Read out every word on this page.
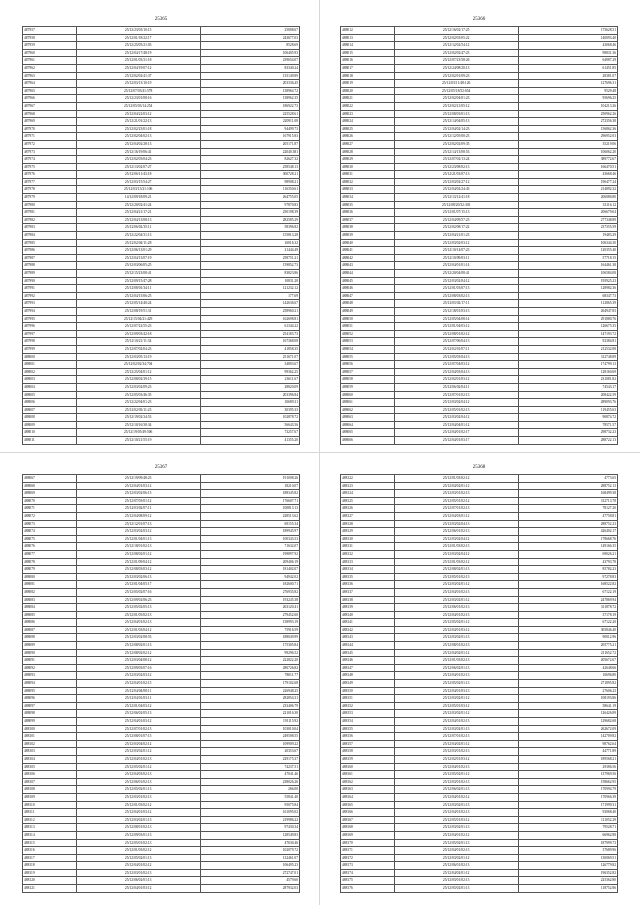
25365
487957	25/12/23/03/10:15	25808.67
487958	25/12/01/18/22:17	243677.03
487959	25/12/25/05/21:03	8528.69
487960	25/12/04/17/48:19	106405.93
487961	25/12/01/03/31:18	239654.07
487962	25/12/04/19/07:12	83340.24
487963	25/12/02/02/41:37	135149.89
487964	25/12/03/13/10:19	203336.45
487965	25/12/07/03/41:578	138964.72
487966	25/12/23/01/08:16	138962.35
487967	25/12/05/03/14:254	186922.73
487968	25/12/04/22/03:12	225528.61
487969	25/12/21/01/22:13	220911.08
487970	25/12/02/23/01:18	94499.73
487971	25/12/02/04/02:13	167915.83
487972	25/12/04/02/28:13	205171.87
487973	25/12/16/19/06:41	22040.381
487974	25/12/02/03/04:23	82627.32
487975	25/12/13/02/07:27	258548.13
487976	25/12/06/11/43:18	300728.21
487977	25/12/03/15/54:27	98908.21
487978	25/12/03/13/21:106	116350.61
487979	14/12/09/18/09:21	264755.05
487980	25/12/20/02/41:24	97870.83
487981	25/12/04/21/17:21	250198.39
487982	25/12/04/13/08:13	282585.29
487983	25/12/06/02/35:11	58396.82
487984	25/12/22/04/31:13	155813.28
487985	25/12/02/04/11:28	16016.32
487986	25/12/06/13/01:29	21444.49
487987	25/12/04/13/07:19	258751.21
487988	25/12/03/06/05:25	159852.73
487989	25/12/15/23/08:41	83823.86
487990	25/12/09/15/47:28	10831.28
487991	25/12/08/01/34:11	121232.12
487992	25/12/04/15/06:25	177.69
487993	25/12/05/14/40:24	142636.67
487994	25/12/08/19/51:31	258960.21
487995	25/12/15/04/21:429	162698.81
487996	25/12/07/22/55:23	61344.22
487997	25/12/09/03/42:18	254183.73
487998	25/12/10/21/11:34	167368.08
487999	25/12/07/02/04:23	41858.35
488000	25/12/03/05/13:19	251671.07
488001	25/12/02/02/34:704	34803.67
488002	25/12/25/04/01:12	99362.25
488003	25/12/08/02/39:15	23611.67
488004	25/12/03/02/09:23	28820.09
488005	25/12/05/03/46:35	203396.84
488006	25/12/22/04/01:23	10689.31
488007	25/12/02/03/11:23	30395.33
488008	25/12/19/02/34:53	102878.72
488009	25/12/10/16/30:34	56643.56
488010	25/12/19/05/49:506	73257.67
488011	25/12/10/21/55:19	41355.20
25366
488012	25/12/16/02/17:25	175628.51
488013	25/12/02/03/05:22	140093.40
488014	25/12/12/02/54:12	43068.46
488015	25/12/02/02/47:23	98831.36
488016	25/12/07/23/58:26	64987.29
488017	25/12/24/08/20:13	61451.85
488018	25/12/02/01/09:23	28381.07
488019	25/12/03/11/48:126	127696.31
488020	25/12/05/18/52:654	9529.48
488021	25/12/02/04/01:23	95696.25
488022	25/12/02/21/05:12	104213.26
488023	25/12/08/03/01:13	250962.26
488024	25/12/14/04/05:13	272356.38
488025	25/12/04/02/14:23	156862.36
488026	25/12/12/05/00:23	296952.03
488027	25/12/02/02/09:35	35219.06
488028	25/12/14/13/08:53	106062.20
488029	25/12/07/02/13:24	389772.67
488030	25/12/23/08/02:13	166470.51
488031	25/12/21/03/07:13	43668.46
488032	25/12/03/02/27:12	196477.24
488033	25/12/04/02/24:43	214892.32
488034	25/12/13/12/41:18	206086.80
488035	25/12/08/20/32:303	33116.12
488036	25/12/01/07/15:13	206679.04
488037	25/12/04/09/57:23	277348.89
488038	25/12/02/08/17:22	237355.59
488039	25/12/04/21/01:23	19483.29
488040	25/12/03/02/03:12	106344.30
488041	25/12/10/14/07:23	120355.40
488042	25/12/10/09/03:11	57718.15
488043	25/12/04/01/01:14	164461.38
488044	25/12/20/04/08:41	106584.08
488045	25/12/03/02/04:12	195925.23
488046	25/12/01/03/07:13	128982.36
488047	25/12/08/03/02:13	68347.73
488048	25/12/05/02/17:11	112865.39
488049	25/12/18/01/03:13	264947.83
488050	25/12/05/04/08:14	291880.76
488051	25/12/01/04/03:12	126675.35
488052	25/12/08/01/02:12	147193.72
488053	25/12/07/06/04:13	92384.81
488054	25/12/02/01/07:11	212532.08
488055	25/12/05/03/04:13	312748.89
488056	25/12/07/04/03:12	174799.13
488057	25/12/04/03/04:13	128160.69
488058	25/12/02/01/03:12	231081.82
488059	25/12/06/02/04:11	74543.17
488060	25/12/07/01/02:13	208422.59
488061	25/12/03/02/04:12	289093.76
488062	25/12/05/01/02:13	119455.63
488063	25/12/03/02/04:12	90874.72
488064	25/12/04/04/01:12	78571.57
488065	25/12/04/01/02:17	298732.23
488066	25/12/04/01/03:17	288722.13
25367
488067	25/12/19/09/48:23	191008.26
488068	25/12/04/01/03:12	18210.07
488069	25/12/03/02/06:15	188345.82
488070	25/12/07/03/01:12	176607.71
488071	25/12/03/02/07:11	100813.13
488072	25/12/04/08/09:12	228513.62
488073	25/12/12/01/07:13	69155.34
488074	25/12/03/02/03:12	189945.97
488075	25/12/01/04/01:13	100343.53
488076	25/12/18/01/02:13	71632.07
488077	25/12/08/02/01:12	199897.92
488078	25/12/01/09/04:12	209406.19
488079	25/12/08/03/03:12	181402.07
488080	25/12/03/02/06:13	94942.02
488081	25/12/01/04/05:17	182600.71
488082	25/12/05/02/07:16	276935.82
488083	25/12/09/02/06:23	193245.38
488084	25/12/05/02/05:13	263120.41
488085	25/12/01/05/02:13	279452.60
488086	25/12/04/01/02:13	158993.19
488087	25/12/01/03/04:12	75916.59
488088	25/12/03/02/08:53	188049.99
488089	25/12/08/02/01:13	175305.84
488090	25/12/08/02/02:12	99296.52
488091	25/12/03/04/08:12	222822.20
488092	25/12/09/03/07:16	280726.82
488093	25/12/03/02/03:12	78011.77
488094	25/12/04/01/02:15	179102.68
488095	25/12/04/04/08:11	226948.25
488096	25/12/04/01/03:11	282854.31
488097	25/12/01/04/03:12	233406.79
488098	25/12/06/02/05:13	221016.30
488099	25/12/04/01/03:12	191115.92
488100	25/12/07/01/02:13	103010.04
488101	25/12/08/01/07:15	249508.55
488102	25/12/03/04/02:12	109909.22
488103	25/12/03/02/01:12	20353.67
488104	25/12/04/01/02:13	229175.37
488105	25/12/05/02/01:12	74237.51
488106	25/12/04/03/02:13	47041.46
488107	25/12/06/01/02:13	238026.26
488108	25/12/05/02/01:13	266.00
488109	25/12/03/01/02:13	55841.40
488110	25/12/01/03/02:12	95075.84
488111	25/12/04/01/03:12	161095.02
488112	25/12/03/02/01:13	219986.22
488113	25/12/08/01/02:13	97430.34
488114	25/12/09/03/01:13	128549.83
488115	25/12/05/01/02:13	47630.46
488116	25/12/01/03/02:12	102079.72
488117	25/12/05/02/01:13	132461.07
488118	25/12/04/01/02:12	106495.23
488119	25/12/03/01/02:13	272747.01
488120	25/12/06/02/01:13	4579.60
488121	25/12/04/01/03:12	287932.03
25368
488122	25/12/01/03/02:12	4773.65
488123	25/12/04/02/01:12	288752.13
488124	25/12/03/01/02:13	168499.38
488125	25/12/05/01/02:12	312713.78
488126	25/12/07/01/02:13	78127.20
488127	25/12/04/03/01:12	47758.81
488128	25/12/03/02/04:13	288752.23
488129	25/12/06/01/02:13	426402.17
488130	25/12/03/02/04:12	178668.76
488131	25/12/01/03/02:13	149166.35
488132	25/12/03/02/04:12	69026.21
488133	25/12/01/03/02:12	43793.78
488134	25/12/08/02/01:13	85782.23
488135	25/12/05/01/02:13	97278.83
488136	25/12/03/02/01:12	168522.82
488137	25/12/04/01/02:13	67122.19
488138	25/12/03/02/01:12	247869.94
488139	25/12/06/01/02:13	311878.72
488140	25/12/04/01/02:13	37178.19
488141	25/12/05/02/01:12	67122.20
488142	25/12/04/01/03:12	305846.40
488143	25/12/03/02/01:13	90012.96
488144	25/12/08/01/02:13	205775.21
488145	25/12/04/02/01:12	211652.72
488146	25/12/01/03/02:13	205672.67
488147	25/12/06/02/01:13	42648.66
488148	25/12/04/01/02:13	10696.80
488149	25/12/05/02/01:13	271895.82
488150	25/12/04/01/03:13	27606.23
488151	25/12/03/02/01:12	108193.86
488152	25/12/05/01/03:12	58641.19
488153	25/12/03/02/01:12	126426.89
488154	25/12/04/01/02:13	129682.68
488155	25/12/03/02/01:13	262672.09
488156	25/12/07/01/02:13	142709.82
488157	25/12/04/02/01:12	98762.64
488158	25/12/03/01/02:13	44771.89
488159	25/12/02/01/03:12	189568.21
488160	25/12/04/01/02:13	29386.56
488161	25/12/05/02/01:12	137969.56
488162	25/12/03/01/02:13	158662.95
488163	25/12/06/02/01:13	170994.79
488164	25/12/04/01/02:12	170966.39
488165	25/12/03/02/01:13	171999.31
488166	25/12/04/01/02:13	93068.40
488167	25/12/05/01/03:12	111052.29
488168	25/12/03/02/01:13	79528.71
488169	25/12/04/01/02:12	66962.88
488170	25/12/05/02/01:13	187999.73
488171	25/12/04/01/02:13	37689.96
488172	25/12/03/02/01:12	130069.51
488173	25/12/06/01/02:13	126779.82
488174	25/12/04/02/01:12	196352.82
488175	25/12/03/01/02:13	225362.80
488176	25/12/05/02/01:13	118752.86
